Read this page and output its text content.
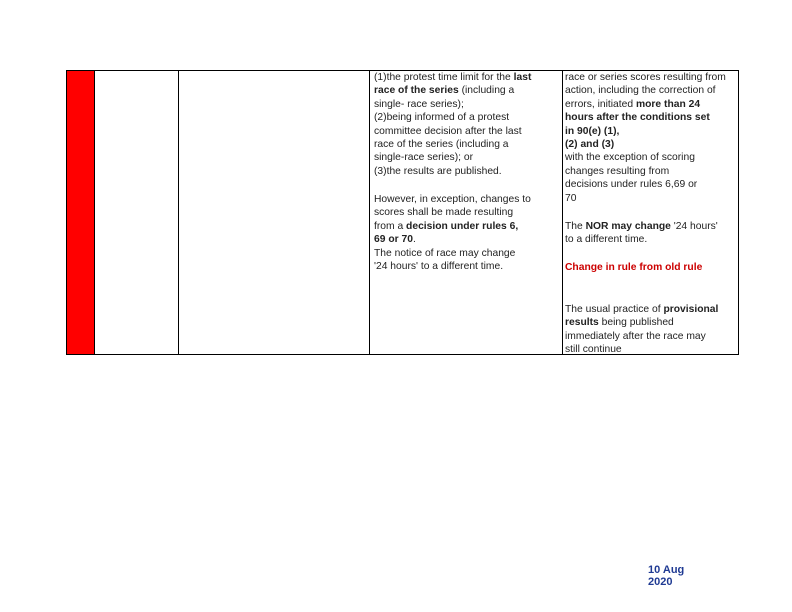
(1)the protest time limit for the last
race of the series (including a
single- race series);
(2)being informed of a protest
committee decision after the last
race of the series (including a
single-race series); or
(3)the results are published.
However, in exception, changes to
scores shall be made resulting
from a decision under rules 6,
69 or 70.
The notice of race may change
'24 hours' to a different time.
race or series scores resulting from
action, including the correction of
errors, initiated more than 24
hours after the conditions set
in 90(e) (1),
(2) and (3)
with the exception of scoring
changes resulting from
decisions under rules 6,69 or
70
The NOR may change '24 hours'
to a different time.
Change in rule from old rule
The usual practice of provisional
results being published
immediately after the race may
still continue
10 Aug
2020
